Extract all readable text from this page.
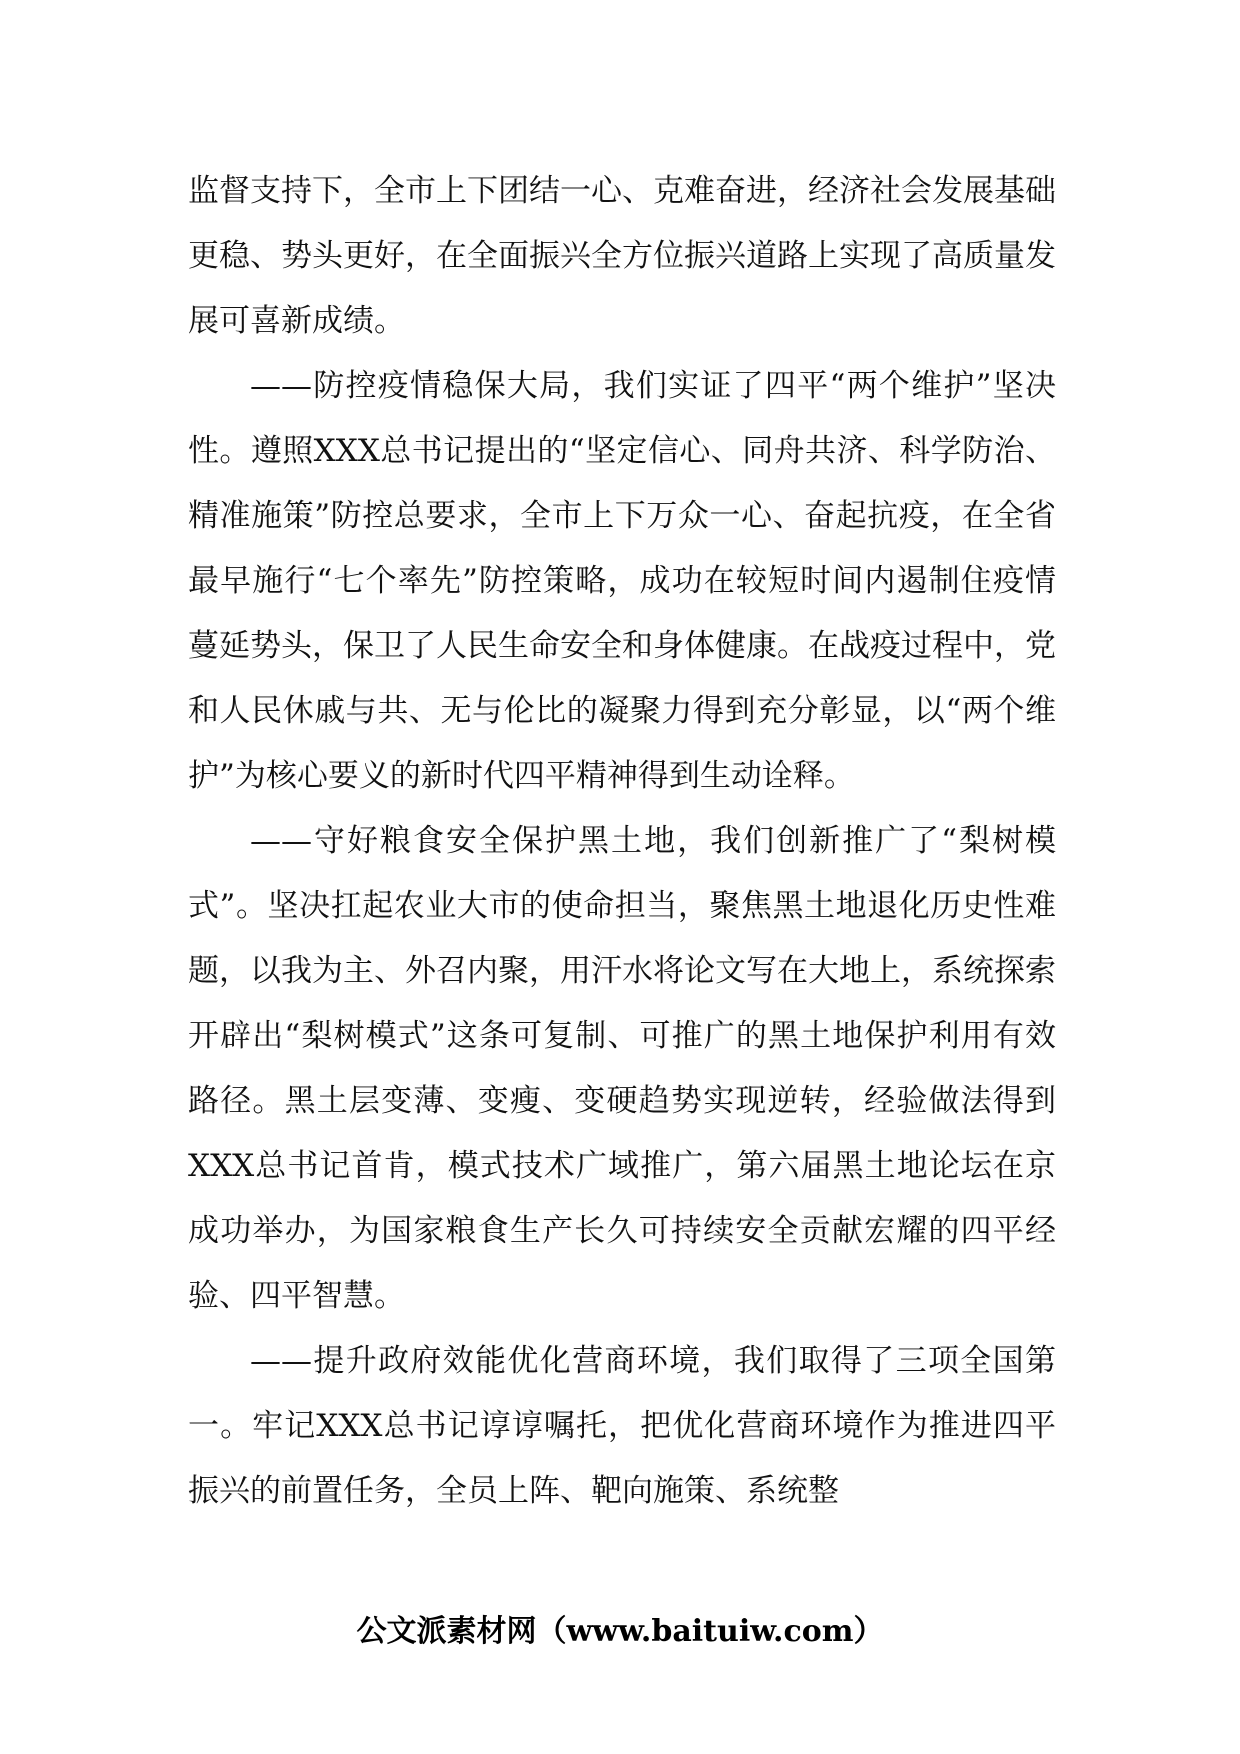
监督支持下，全市上下团结一心、克难奋进，经济社会发展基础更稳、势头更好，在全面振兴全方位振兴道路上实现了高质量发展可喜新成绩。

——防控疫情稳保大局，我们实证了四平“两个维护”坚决性。遵照XXX总书记提出的“坚定信心、同舟共济、科学防治、精准施策”防控总要求，全市上下万众一心、奋起抗疫，在全省最早施行“七个率先”防控策略，成功在较短时间内遏制住疫情蔓延势头，保卫了人民生命安全和身体健康。在战疫过程中，党和人民休戚与共、无与伦比的凝聚力得到充分彰显，以“两个维护”为核心要义的新时代四平精神得到生动诠释。

——守好粮食安全保护黑土地，我们创新推广了“梨树模式”。坚决扛起农业大市的使命担当，聚焦黑土地退化历史性难题，以我为主、外召内聚，用汗水将论文写在大地上，系统探索开辟出“梨树模式”这条可复制、可推广的黑土地保护利用有效路径。黑土层变薄、变瘦、变硬趋势实现逆转，经验做法得到XXX总书记首肯，模式技术广域推广，第六届黑土地论坛在京成功举办，为国家粮食生产长久可持续安全贡献宏耀的四平经验、四平智慧。

——提升政府效能优化营商环境，我们取得了三项全国第一。牢记XXX总书记谆谆嘱托，把优化营商环境作为推进四平振兴的前置任务，全员上阵、靶向施策、系统整

公文派素材网（www.baituiw.com）
